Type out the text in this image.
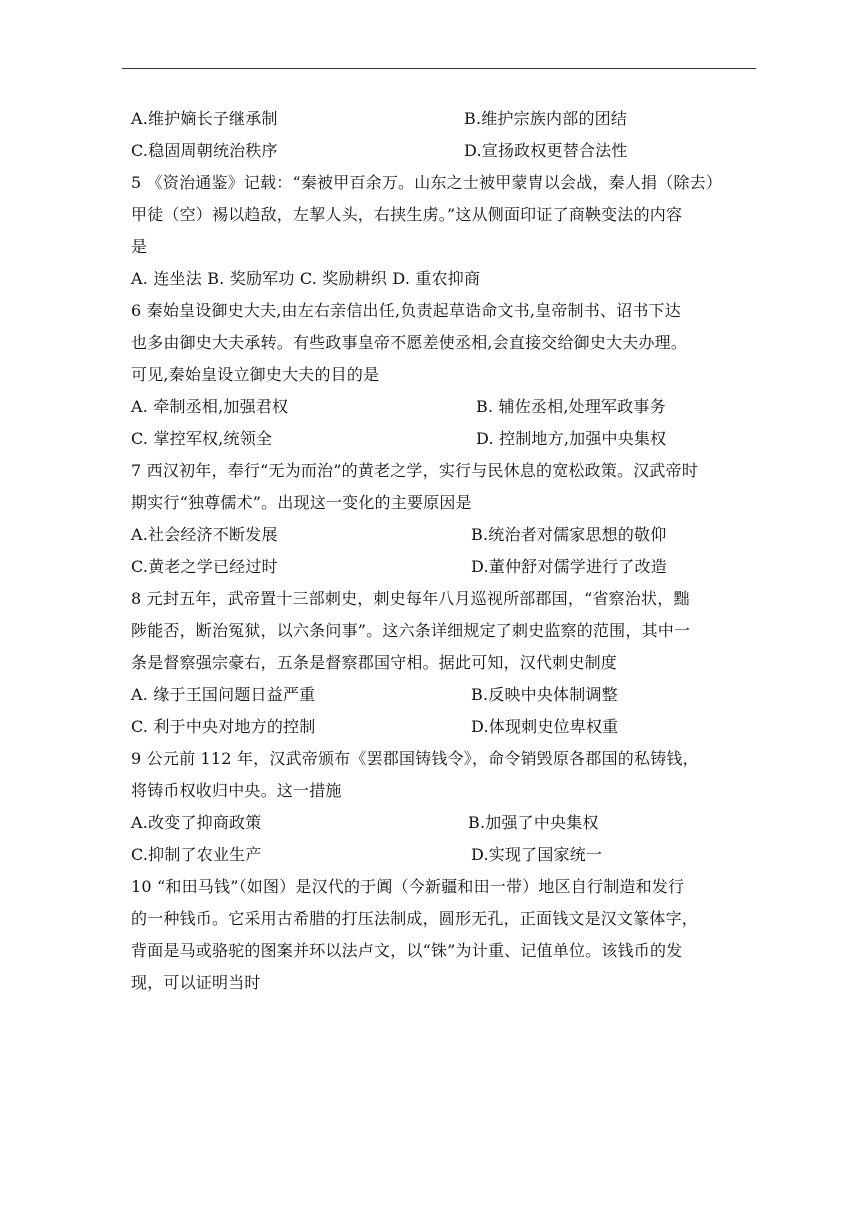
A.维护嫡长子继承制	B.维护宗族内部的团结
C.稳固周朝统治秩序	D.宣扬政权更替合法性
5 《资治通鉴》记载：“秦被甲百余万。山东之士被甲蒙胄以会战，秦人捐（除去）
甲徒（空）裼以趋敌，左挈人头，右挟生虏。”这从侧面印证了商鞅变法的内容
是
A. 连坐法 B. 奖励军功 C. 奖励耕织 D. 重农抑商
6 秦始皇设御史大夫,由左右亲信出任,负责起草诰命文书,皇帝制书、诏书下达
也多由御史大夫承转。有些政事皇帝不愿差使丞相,会直接交给御史大夫办理。
可见,秦始皇设立御史大夫的目的是
A. 牵制丞相,加强君权	B. 辅佐丞相,处理军政事务
C. 掌控军权,统领全	D. 控制地方,加强中央集权
7 西汉初年，奉行“无为而治”的黄老之学，实行与民休息的宽松政策。汉武帝时
期实行“独尊儒术”。出现这一变化的主要原因是
A.社会经济不断发展	B.统治者对儒家思想的敬仰
C.黄老之学已经过时	D.董仲舒对儒学进行了改造
8 元封五年，武帝置十三部刺史，刺史每年八月巡视所部郡国，“省察治状，黜
陟能否，断治冤狱，以六条问事”。这六条详细规定了刺史监察的范围，其中一
条是督察强宗豪右，五条是督察郡国守相。据此可知，汉代刺史制度
A. 缘于王国问题日益严重	B.反映中央体制调整
C. 利于中央对地方的控制	D.体现刺史位卑权重
9 公元前 112 年，汉武帝颁布《罢郡国铸钱令》，命令销毁原各郡国的私铸钱，
将铸币权收归中央。这一措施
A.改变了抑商政策	B.加强了中央集权
C.抑制了农业生产	D.实现了国家统一
10 “和田马钱”（如图）是汉代的于阗（今新疆和田一带）地区自行制造和发行
的一种钱币。它采用古希腊的打压法制成，圆形无孔，正面钱文是汉文篆体字，
背面是马或骆驼的图案并环以法卢文，以“铢”为计重、记值单位。该钱币的发
现，可以证明当时
